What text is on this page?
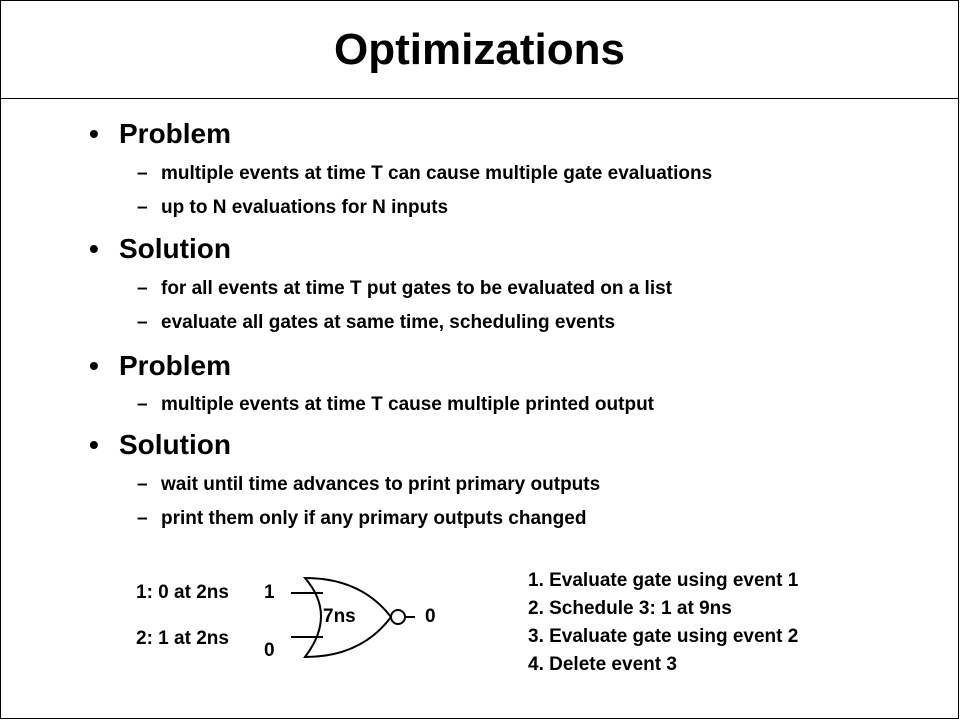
Optimizations
• Problem
– multiple events at time T can cause multiple gate evaluations
– up to N evaluations for N inputs
• Solution
– for all events at time T put gates to be evaluated on a list
– evaluate all gates at same time, scheduling events
• Problem
– multiple events at time T cause multiple printed output
• Solution
– wait until time advances to print primary outputs
– print them only if any primary outputs changed
1: 0 at 2ns
2: 1 at 2ns
1
0
7ns	0
1. Evaluate gate using event 1
2. Schedule 3: 1 at 9ns
3. Evaluate gate using event 2
4. Delete event 3
